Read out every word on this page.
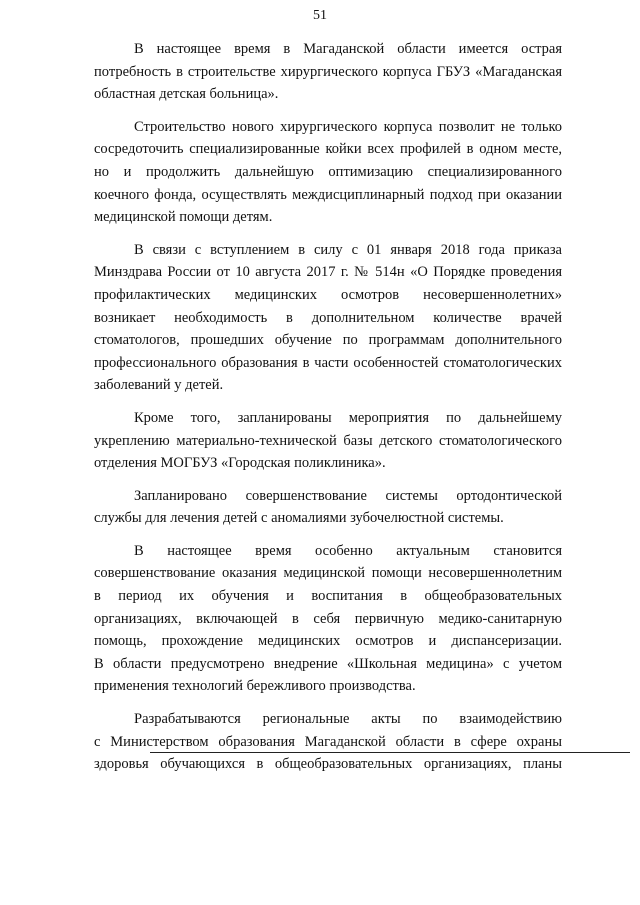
51
В настоящее время в Магаданской области имеется острая
потребность в строительстве хирургического корпуса ГБУЗ «Магаданская
областная детская больница».
Строительство нового хирургического корпуса позволит не только
сосредоточить специализированные койки всех профилей в одном месте,
но и продолжить дальнейшую оптимизацию специализированного
коечного фонда, осуществлять междисциплинарный подход при оказании
медицинской помощи детям.
В связи с вступлением в силу с 01 января 2018 года приказа
Минздрава России от 10 августа 2017 г. № 514н «О Порядке проведения
профилактических медицинских осмотров несовершеннолетних»
возникает необходимость в дополнительном количестве врачей
стоматологов, прошедших обучение по программам дополнительного
профессионального образования в части особенностей стоматологических
заболеваний у детей.
Кроме того, запланированы мероприятия по дальнейшему
укреплению материально-технической базы детского стоматологического
отделения МОГБУЗ «Городская поликлиника».
Запланировано совершенствование системы ортодонтической
службы для лечения детей с аномалиями зубочелюстной системы.
В настоящее время особенно актуальным становится
совершенствование оказания медицинской помощи несовершеннолетним
в период их обучения и воспитания в общеобразовательных
организациях, включающей в себя первичную медико-санитарную
помощь, прохождение медицинских осмотров и диспансеризации.
В области предусмотрено внедрение «Школьная медицина» с учетом
применения технологий бережливого производства.
Разрабатываются региональные акты по взаимодействию
с Министерством образования Магаданской области в сфере охраны
здоровья обучающихся в общеобразовательных организациях, планы
